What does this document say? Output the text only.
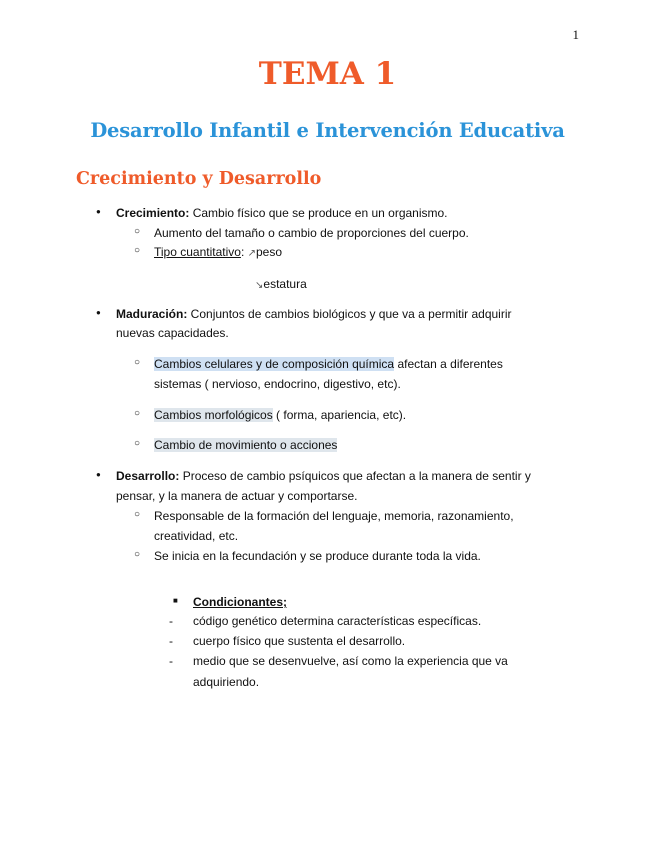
1
TEMA 1
Desarrollo Infantil e Intervención Educativa
Crecimiento y Desarrollo
● Crecimiento: Cambio físico que se produce en un organismo.
○ Aumento del tamaño o cambio de proporciones del cuerpo.
○ Tipo cuantitativo: ↗peso
↘estatura
● Maduración: Conjuntos de cambios biológicos y que va a permitir adquirir
nuevas capacidades.
○ Cambios celulares y de composición química afectan a diferentes
sistemas ( nervioso, endocrino, digestivo, etc).
○ Cambios morfológicos ( forma, apariencia, etc).
○ Cambio de movimiento o acciones
● Desarrollo: Proceso de cambio psíquicos que afectan a la manera de sentir y
pensar, y la manera de actuar y comportarse.
○ Responsable de la formación del lenguaje, memoria, razonamiento,
creatividad, etc.
○ Se inicia en la fecundación y se produce durante toda la vida.
■ Condicionantes;
- código genético determina características específicas.
- cuerpo físico que sustenta el desarrollo.
- medio que se desenvuelve, así como la experiencia que va
adquiriendo.
